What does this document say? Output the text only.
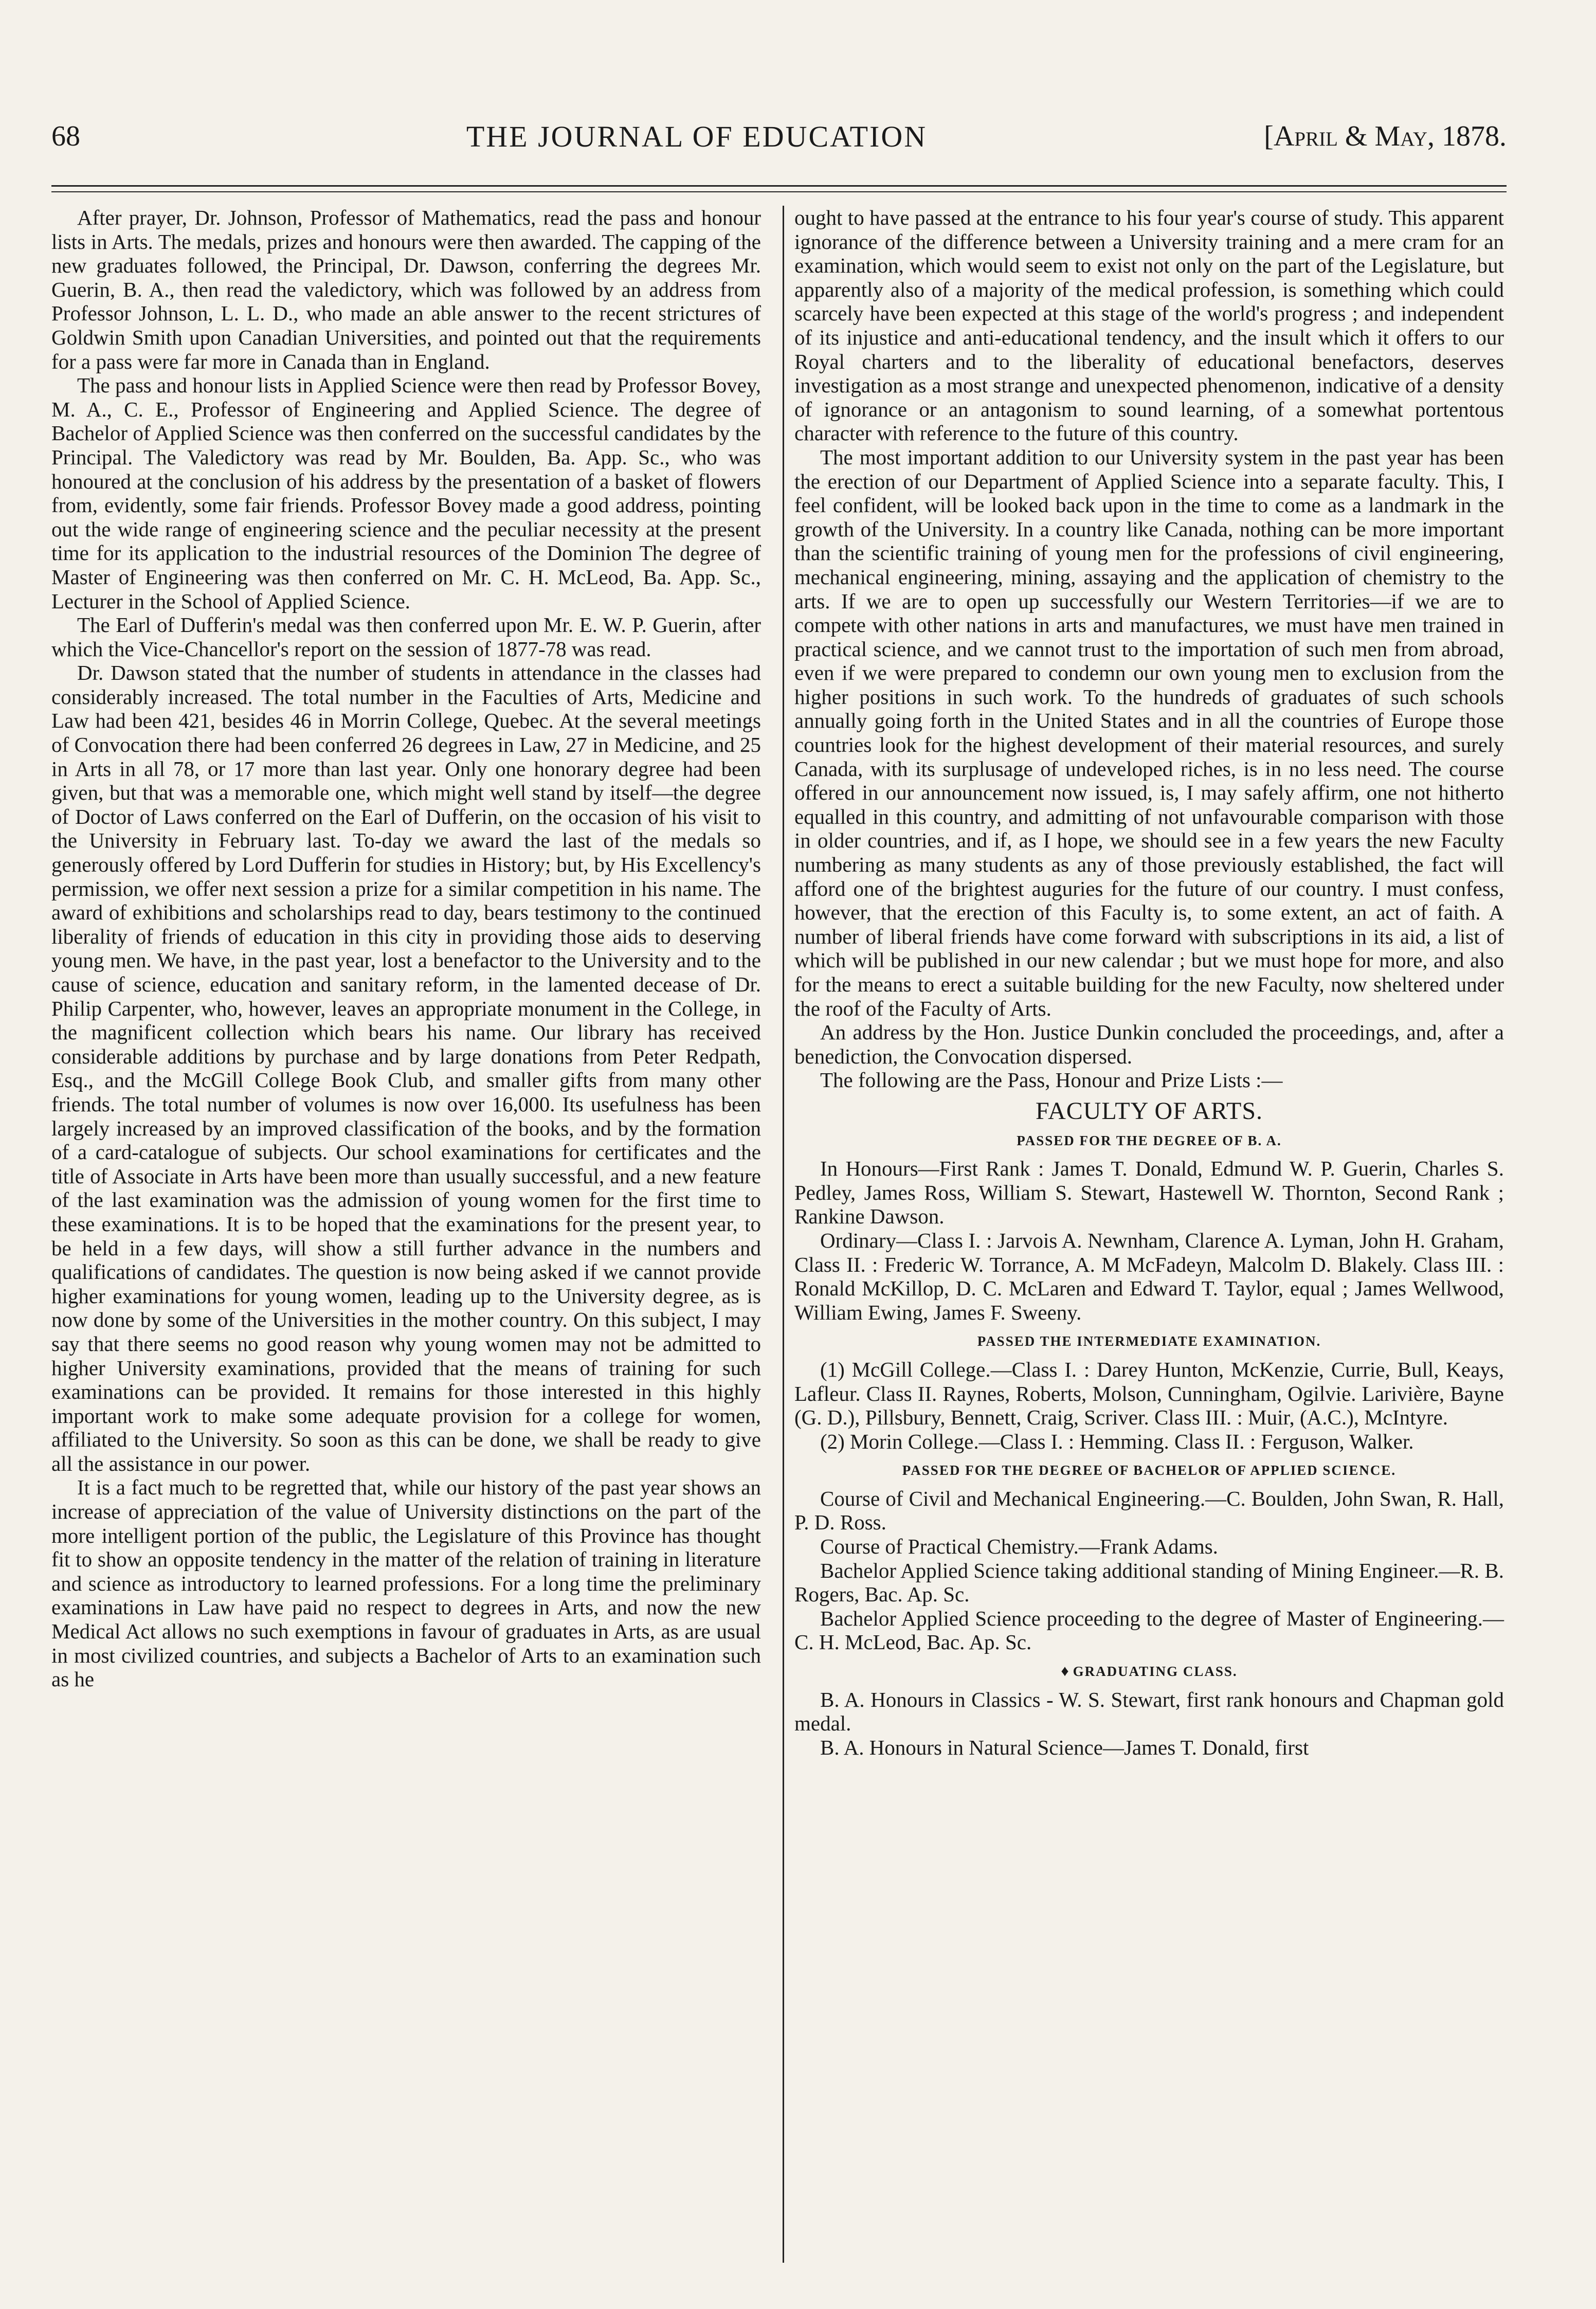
68	THE JOURNAL OF EDUCATION	[April & May, 1878.

After prayer, Dr. Johnson, Professor of Mathematics, read the pass and honour lists in Arts. The medals, prizes and honours were then awarded. The capping of the new graduates followed, the Principal, Dr. Dawson, conferring the degrees Mr. Guerin, B. A., then read the valedictory, which was followed by an address from Professor Johnson, L. L. D., who made an able answer to the recent strictures of Goldwin Smith upon Canadian Universities, and pointed out that the requirements for a pass were far more in Canada than in England.

The pass and honour lists in Applied Science were then read by Professor Bovey, M. A., C. E., Professor of Engineering and Applied Science. The degree of Bachelor of Applied Science was then conferred on the successful candidates by the Principal. The Valedictory was read by Mr. Boulden, Ba. App. Sc., who was honoured at the conclusion of his address by the presentation of a basket of flowers from, evidently, some fair friends. Professor Bovey made a good address, pointing out the wide range of engineering science and the peculiar necessity at the present time for its application to the industrial resources of the Dominion The degree of Master of Engineering was then conferred on Mr. C. H. McLeod, Ba. App. Sc., Lecturer in the School of Applied Science.

The Earl of Dufferin's medal was then conferred upon Mr. E. W. P. Guerin, after which the Vice-Chancellor's report on the session of 1877-78 was read.

Dr. Dawson stated that the number of students in attendance in the classes had considerably increased. The total number in the Faculties of Arts, Medicine and Law had been 421, besides 46 in Morrin College, Quebec. At the several meetings of Convocation there had been conferred 26 degrees in Law, 27 in Medicine, and 25 in Arts in all 78, or 17 more than last year. Only one honorary degree had been given, but that was a memorable one, which might well stand by itself—the degree of Doctor of Laws conferred on the Earl of Dufferin, on the occasion of his visit to the University in February last. To-day we award the last of the medals so generously offered by Lord Dufferin for studies in History; but, by His Excellency's permission, we offer next session a prize for a similar competition in his name. The award of exhibitions and scholarships read to day, bears testimony to the continued liberality of friends of education in this city in providing those aids to deserving young men. We have, in the past year, lost a benefactor to the University and to the cause of science, education and sanitary reform, in the lamented decease of Dr. Philip Carpenter, who, however, leaves an appropriate monument in the College, in the magnificent collection which bears his name. Our library has received considerable additions by purchase and by large donations from Peter Redpath, Esq., and the McGill College Book Club, and smaller gifts from many other friends. The total number of volumes is now over 16,000. Its usefulness has been largely increased by an improved classification of the books, and by the formation of a card-catalogue of subjects. Our school examinations for certificates and the title of Associate in Arts have been more than usually successful, and a new feature of the last examination was the admission of young women for the first time to these examinations. It is to be hoped that the examinations for the present year, to be held in a few days, will show a still further advance in the numbers and qualifications of candidates. The question is now being asked if we cannot provide higher examinations for young women, leading up to the University degree, as is now done by some of the Universities in the mother country. On this subject, I may say that there seems no good reason why young women may not be admitted to higher University examinations, provided that the means of training for such examinations can be provided. It remains for those interested in this highly important work to make some adequate provision for a college for women, affiliated to the University. So soon as this can be done, we shall be ready to give all the assistance in our power.

It is a fact much to be regretted that, while our history of the past year shows an increase of appreciation of the value of University distinctions on the part of the more intelligent portion of the public, the Legislature of this Province has thought fit to show an opposite tendency in the matter of the relation of training in literature and science as introductory to learned professions. For a long time the preliminary examinations in Law have paid no respect to degrees in Arts, and now the new Medical Act allows no such exemptions in favour of graduates in Arts, as are usual in most civilized countries, and subjects a Bachelor of Arts to an examination such as he

ought to have passed at the entrance to his four year's course of study. This apparent ignorance of the difference between a University training and a mere cram for an examination, which would seem to exist not only on the part of the Legislature, but apparently also of a majority of the medical profession, is something which could scarcely have been expected at this stage of the world's progress ; and independent of its injustice and anti-educational tendency, and the insult which it offers to our Royal charters and to the liberality of educational benefactors, deserves investigation as a most strange and unexpected phenomenon, indicative of a density of ignorance or an antagonism to sound learning, of a somewhat portentous character with reference to the future of this country.

The most important addition to our University system in the past year has been the erection of our Department of Applied Science into a separate faculty. This, I feel confident, will be looked back upon in the time to come as a landmark in the growth of the University. In a country like Canada, nothing can be more important than the scientific training of young men for the professions of civil engineering, mechanical engineering, mining, assaying and the application of chemistry to the arts. If we are to open up successfully our Western Territories—if we are to compete with other nations in arts and manufactures, we must have men trained in practical science, and we cannot trust to the importation of such men from abroad, even if we were prepared to condemn our own young men to exclusion from the higher positions in such work. To the hundreds of graduates of such schools annually going forth in the United States and in all the countries of Europe those countries look for the highest development of their material resources, and surely Canada, with its surplusage of undeveloped riches, is in no less need. The course offered in our announcement now issued, is, I may safely affirm, one not hitherto equalled in this country, and admitting of not unfavourable comparison with those in older countries, and if, as I hope, we should see in a few years the new Faculty numbering as many students as any of those previously established, the fact will afford one of the brightest auguries for the future of our country. I must confess, however, that the erection of this Faculty is, to some extent, an act of faith. A number of liberal friends have come forward with subscriptions in its aid, a list of which will be published in our new calendar ; but we must hope for more, and also for the means to erect a suitable building for the new Faculty, now sheltered under the roof of the Faculty of Arts.

An address by the Hon. Justice Dunkin concluded the proceedings, and, after a benediction, the Convocation dispersed.

The following are the Pass, Honour and Prize Lists :—

FACULTY OF ARTS.
PASSED FOR THE DEGREE OF B. A.

In Honours—First Rank : James T. Donald, Edmund W. P. Guerin, Charles S. Pedley, James Ross, William S. Stewart, Hastewell W. Thornton, Second Rank ; Rankine Dawson.

Ordinary—Class I. : Jarvois A. Newnham, Clarence A. Lyman, John H. Graham, Class II. : Frederic W. Torrance, A. M McFadeyn, Malcolm D. Blakely. Class III. : Ronald McKillop, D. C. McLaren and Edward T. Taylor, equal ; James Wellwood, William Ewing, James F. Sweeny.

PASSED THE INTERMEDIATE EXAMINATION.

(1) McGill College.—Class I. : Darey Hunton, McKenzie, Currie, Bull, Keays, Lafleur. Class II. Raynes, Roberts, Molson, Cunningham, Ogilvie. Larivière, Bayne (G. D.), Pillsbury, Bennett, Craig, Scriver. Class III. : Muir, (A.C.), McIntyre.

(2) Morin College.—Class I. : Hemming. Class II. : Ferguson, Walker.

PASSED FOR THE DEGREE OF BACHELOR OF APPLIED SCIENCE.

Course of Civil and Mechanical Engineering.—C. Boulden, John Swan, R. Hall, P. D. Ross.

Course of Practical Chemistry.—Frank Adams.

Bachelor Applied Science taking additional standing of Mining Engineer.—R. B. Rogers, Bac. Ap. Sc.

Bachelor Applied Science proceeding to the degree of Master of Engineering.—C. H. McLeod, Bac. Ap. Sc.

♦ GRADUATING CLASS.

B. A. Honours in Classics - W. S. Stewart, first rank honours and Chapman gold medal.

B. A. Honours in Natural Science—James T. Donald, first
